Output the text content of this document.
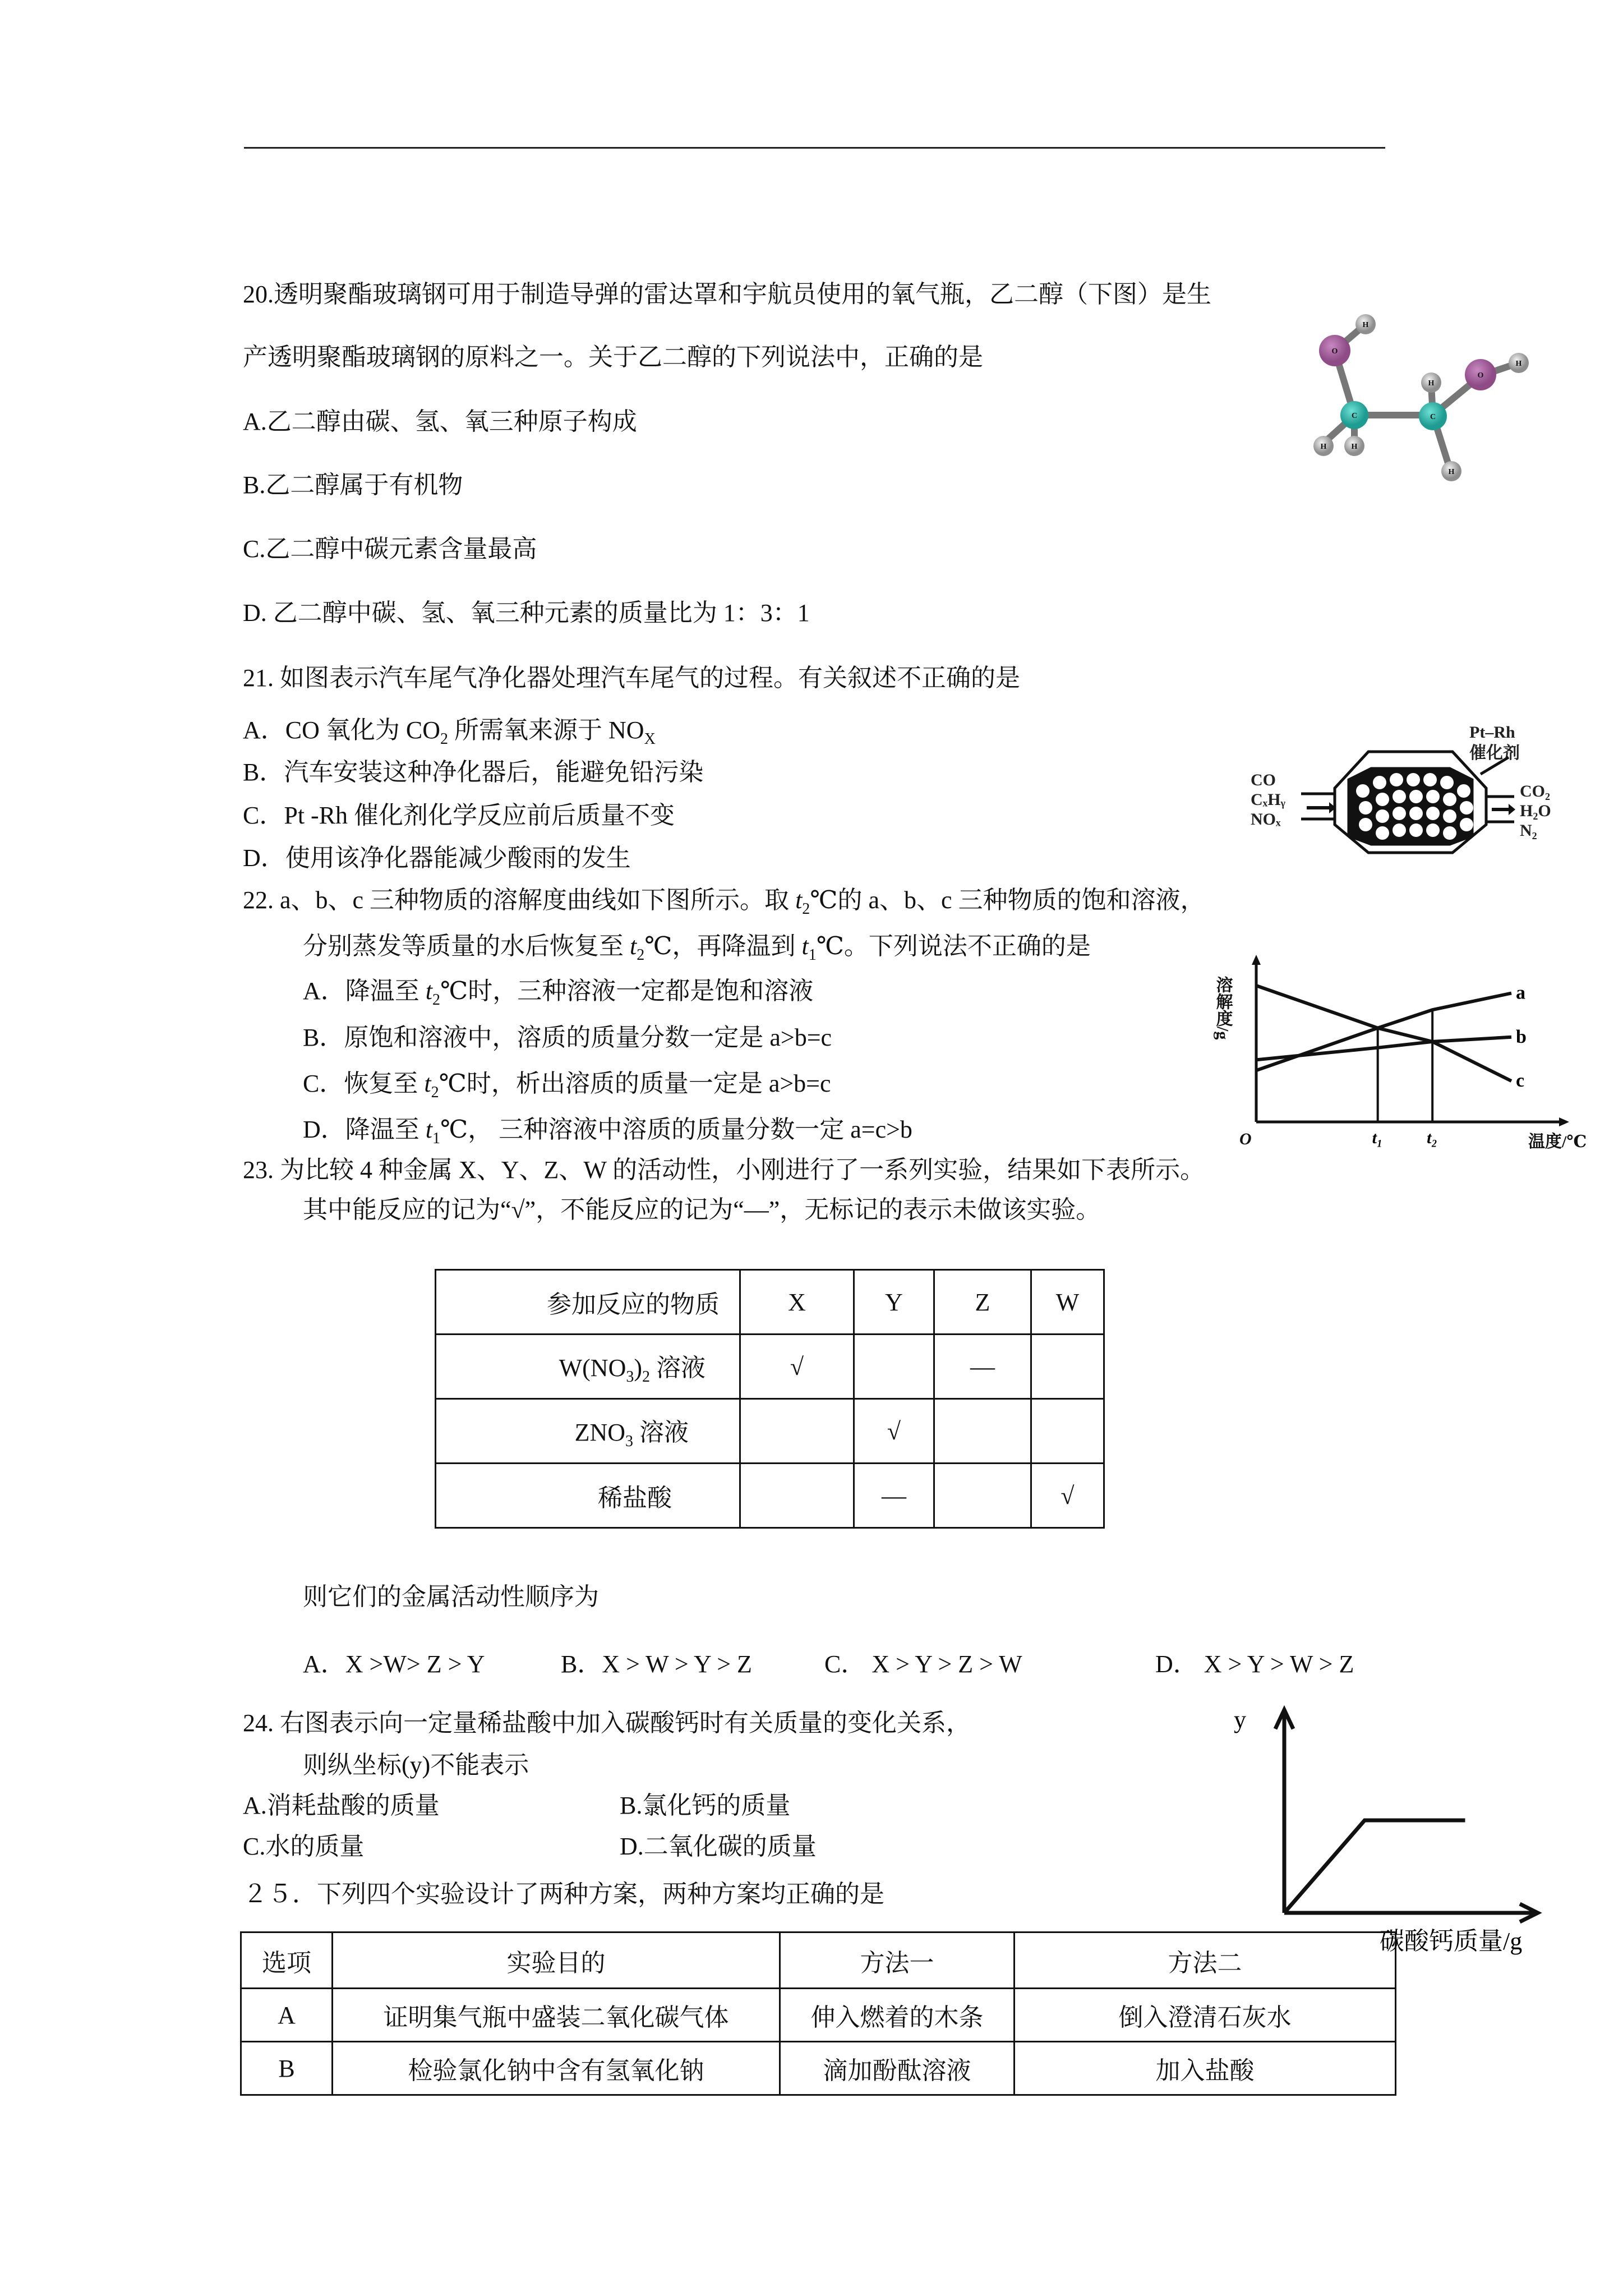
20.透明聚酯玻璃钢可用于制造导弹的雷达罩和宇航员使用的氧气瓶，乙二醇（下图）是生
产透明聚酯玻璃钢的原料之一。关于乙二醇的下列说法中，正确的是
A.乙二醇由碳、氢、氧三种原子构成
B.乙二醇属于有机物
C.乙二醇中碳元素含量最高
D. 乙二醇中碳、氢、氧三种元素的质量比为 1：3：1
H
O
H
C	C
O
H
H	H
H
21. 如图表示汽车尾气净化器处理汽车尾气的过程。有关叙述不正确的是
A．CO 氧化为 $CO_2$ 所需氧来源于 $NO_X$
B．汽车安装这种净化器后，能避免铅污染
C．Pt -Rh 催化剂化学反应前后质量不变
D．使用该净化器能减少酸雨的发生
CO
CₓHᵧ
NOₓ
CO₂
H₂O
N₂
Pt–Rh
催化剂
22. a、b、c 三种物质的溶解度曲线如下图所示。取 $t_2℃$的 a、b、c 三种物质的饱和溶液，
分别蒸发等质量的水后恢复至 $t_2℃$，再降温到 $t_1℃$。下列说法不正确的是
A．降温至 $t_2℃$时，三种溶液一定都是饱和溶液
B．原饱和溶液中，溶质的质量分数一定是 a>b=c
C．恢复至 $t_2℃$时，析出溶质的质量一定是 a>b=c
D．降温至 $t_1℃$， 三种溶液中溶质的质量分数一定 a=c>b
溶解度/g
O	温度/℃
t₁	t₂
a
b
c
23. 为比较 4 种金属 X、Y、Z、W 的活动性，小刚进行了一系列实验，结果如下表所示。
其中能反应的记为“√”，不能反应的记为“—”，无标记的表示未做该实验。
参加反应的物质	X	Y	Z	W
$W(NO_3)_2$ 溶液	√		—	
$ZNO_3$ 溶液		√		
稀盐酸		—		√
则它们的金属活动性顺序为
A．X >W> Z > Y	B．X > W > Y > Z	C． X > Y > Z > W	D． X > Y > W > Z
24. 右图表示向一定量稀盐酸中加入碳酸钙时有关质量的变化关系，
则纵坐标(y)不能表示
A.消耗盐酸的质量	B.氯化钙的质量
C.水的质量	D.二氧化碳的质量
y
碳酸钙质量/g
２５．下列四个实验设计了两种方案，两种方案均正确的是
选项	实验目的	方法一	方法二
A	证明集气瓶中盛装二氧化碳气体	伸入燃着的木条	倒入澄清石灰水
B	检验氯化钠中含有氢氧化钠	滴加酚酞溶液	加入盐酸
